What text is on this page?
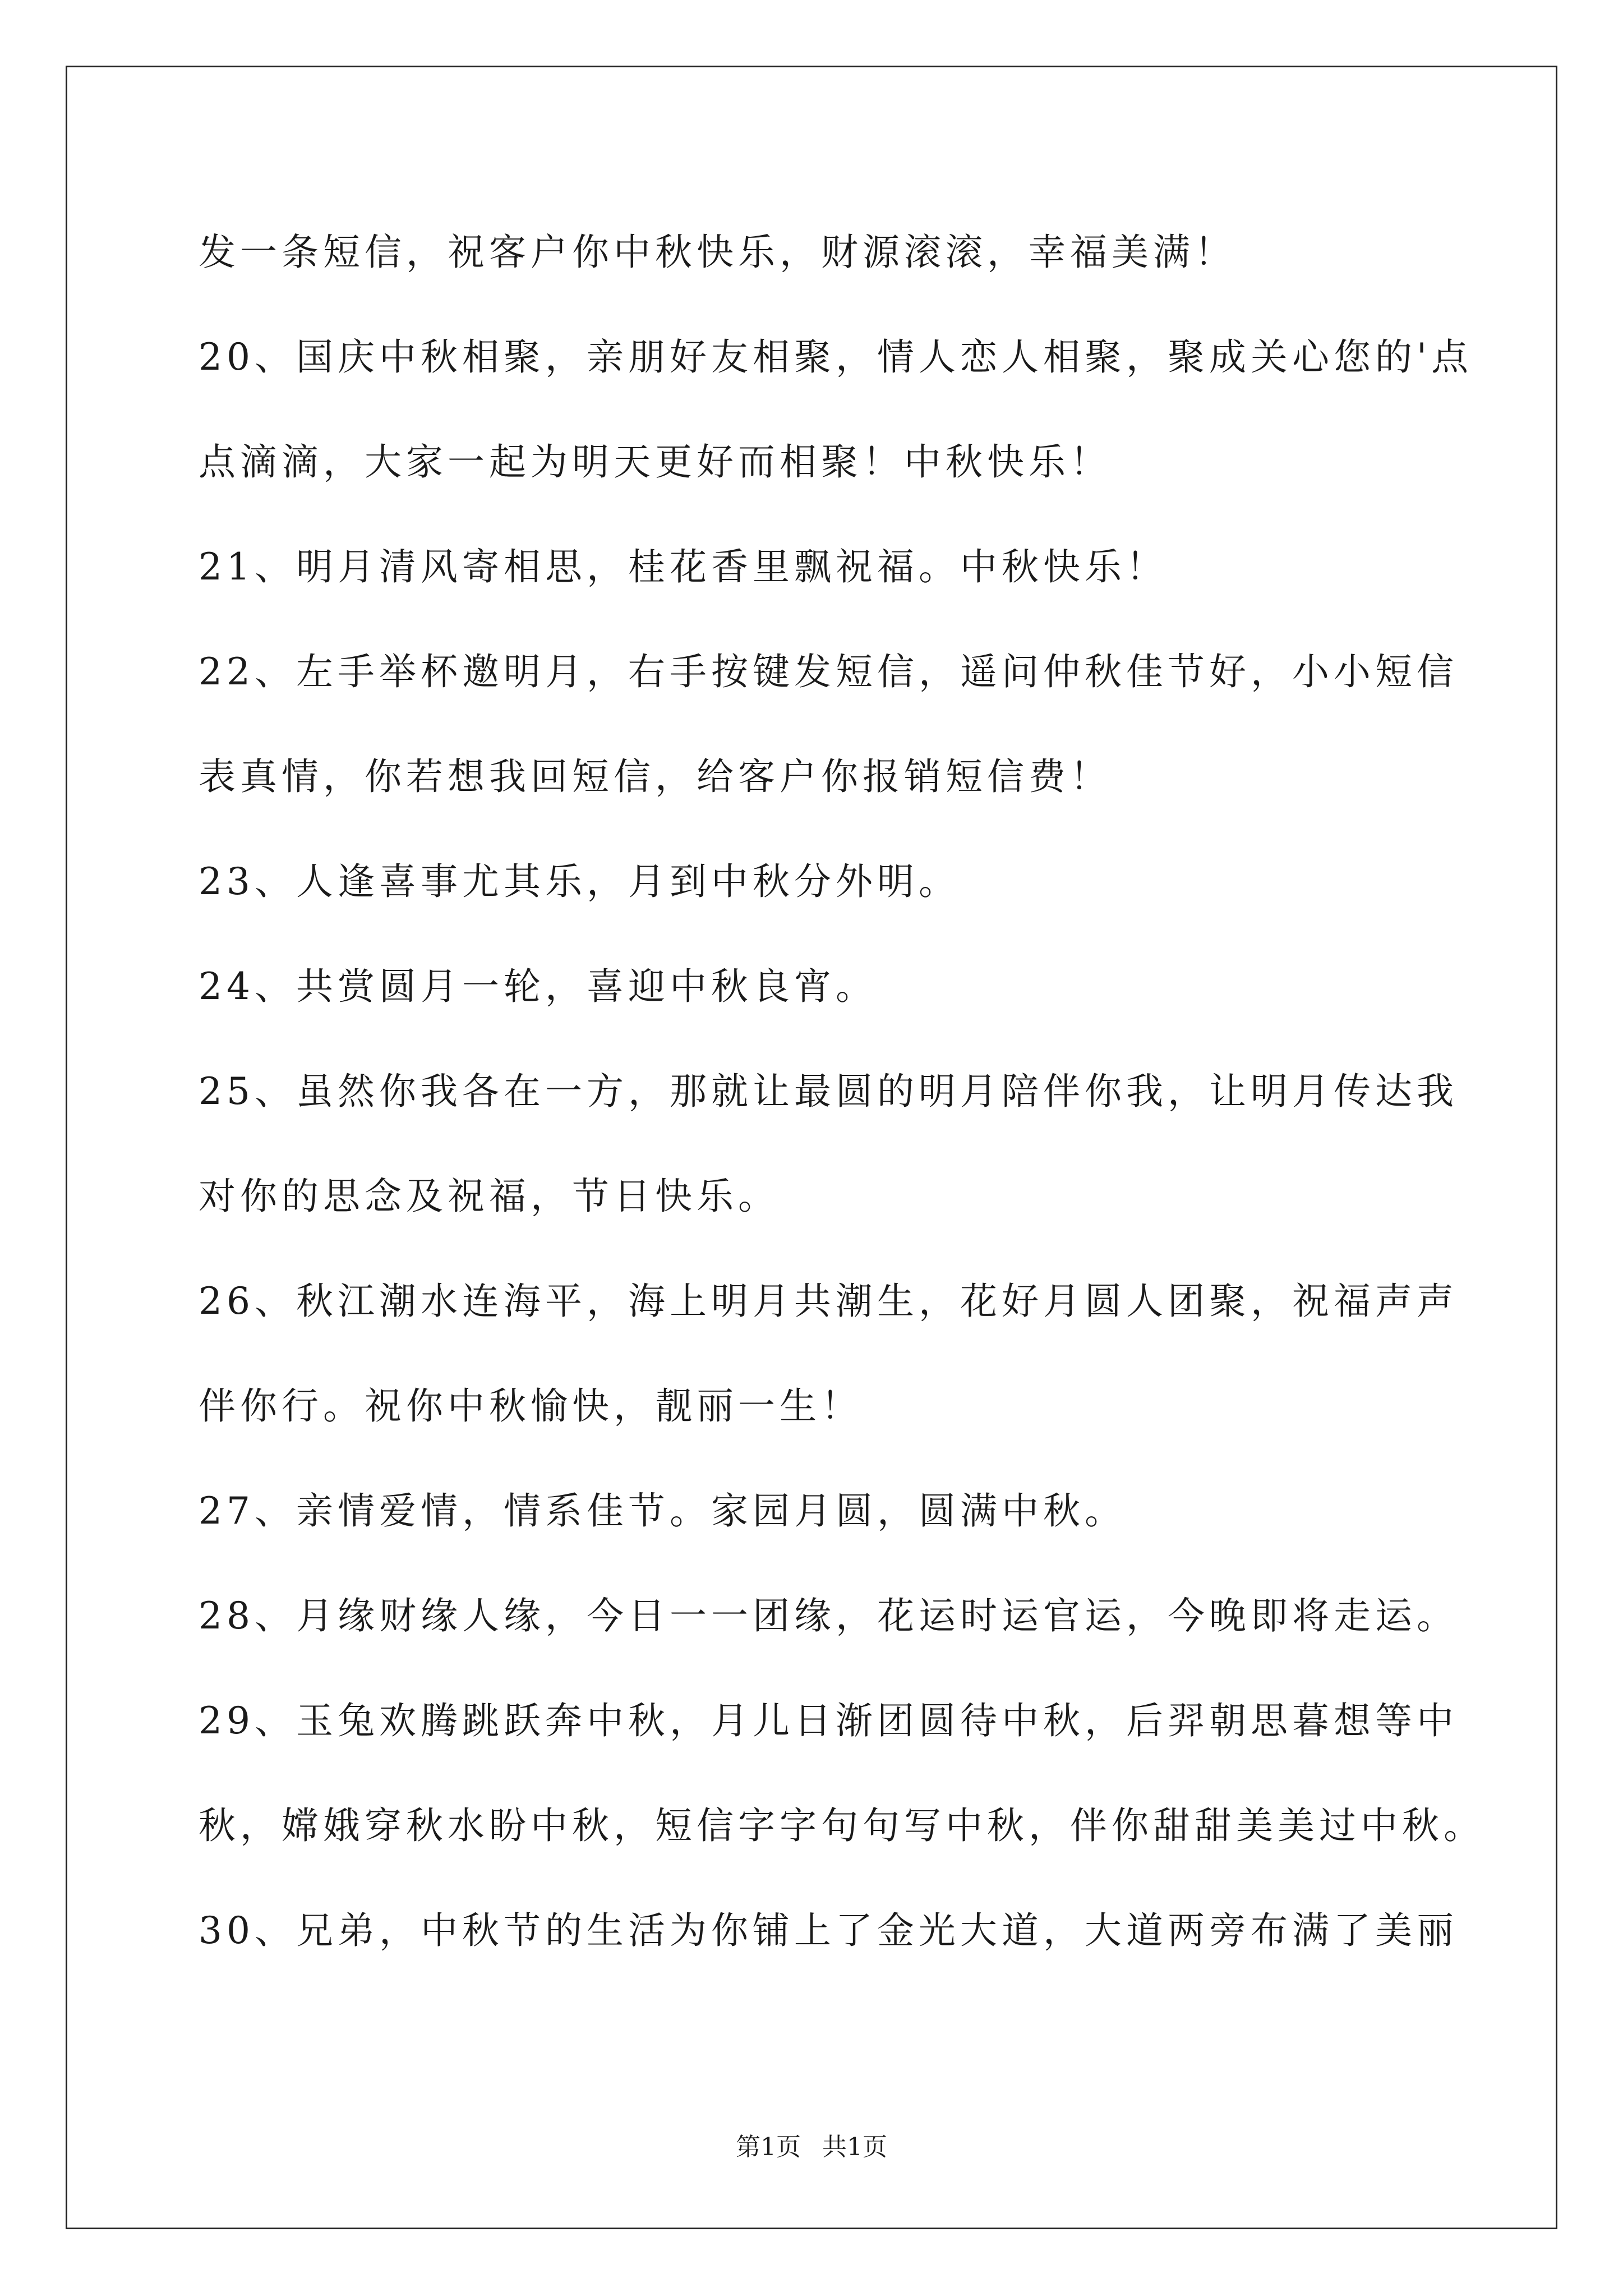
发一条短信，祝客户你中秋快乐，财源滚滚，幸福美满！
20、国庆中秋相聚，亲朋好友相聚，情人恋人相聚，聚成关心您的'点
点滴滴，大家一起为明天更好而相聚！中秋快乐！
21、明月清风寄相思，桂花香里飘祝福。中秋快乐！
22、左手举杯邀明月，右手按键发短信，遥问仲秋佳节好，小小短信
表真情，你若想我回短信，给客户你报销短信费！
23、人逢喜事尤其乐，月到中秋分外明。
24、共赏圆月一轮，喜迎中秋良宵。
25、虽然你我各在一方，那就让最圆的明月陪伴你我，让明月传达我
对你的思念及祝福，节日快乐。
26、秋江潮水连海平，海上明月共潮生，花好月圆人团聚，祝福声声
伴你行。祝你中秋愉快，靓丽一生！
27、亲情爱情，情系佳节。家园月圆，圆满中秋。
28、月缘财缘人缘，今日一一团缘，花运时运官运，今晚即将走运。
29、玉兔欢腾跳跃奔中秋，月儿日渐团圆待中秋，后羿朝思暮想等中
秋，嫦娥穿秋水盼中秋，短信字字句句写中秋，伴你甜甜美美过中秋。
30、兄弟，中秋节的生活为你铺上了金光大道，大道两旁布满了美丽
第1页 共1页
